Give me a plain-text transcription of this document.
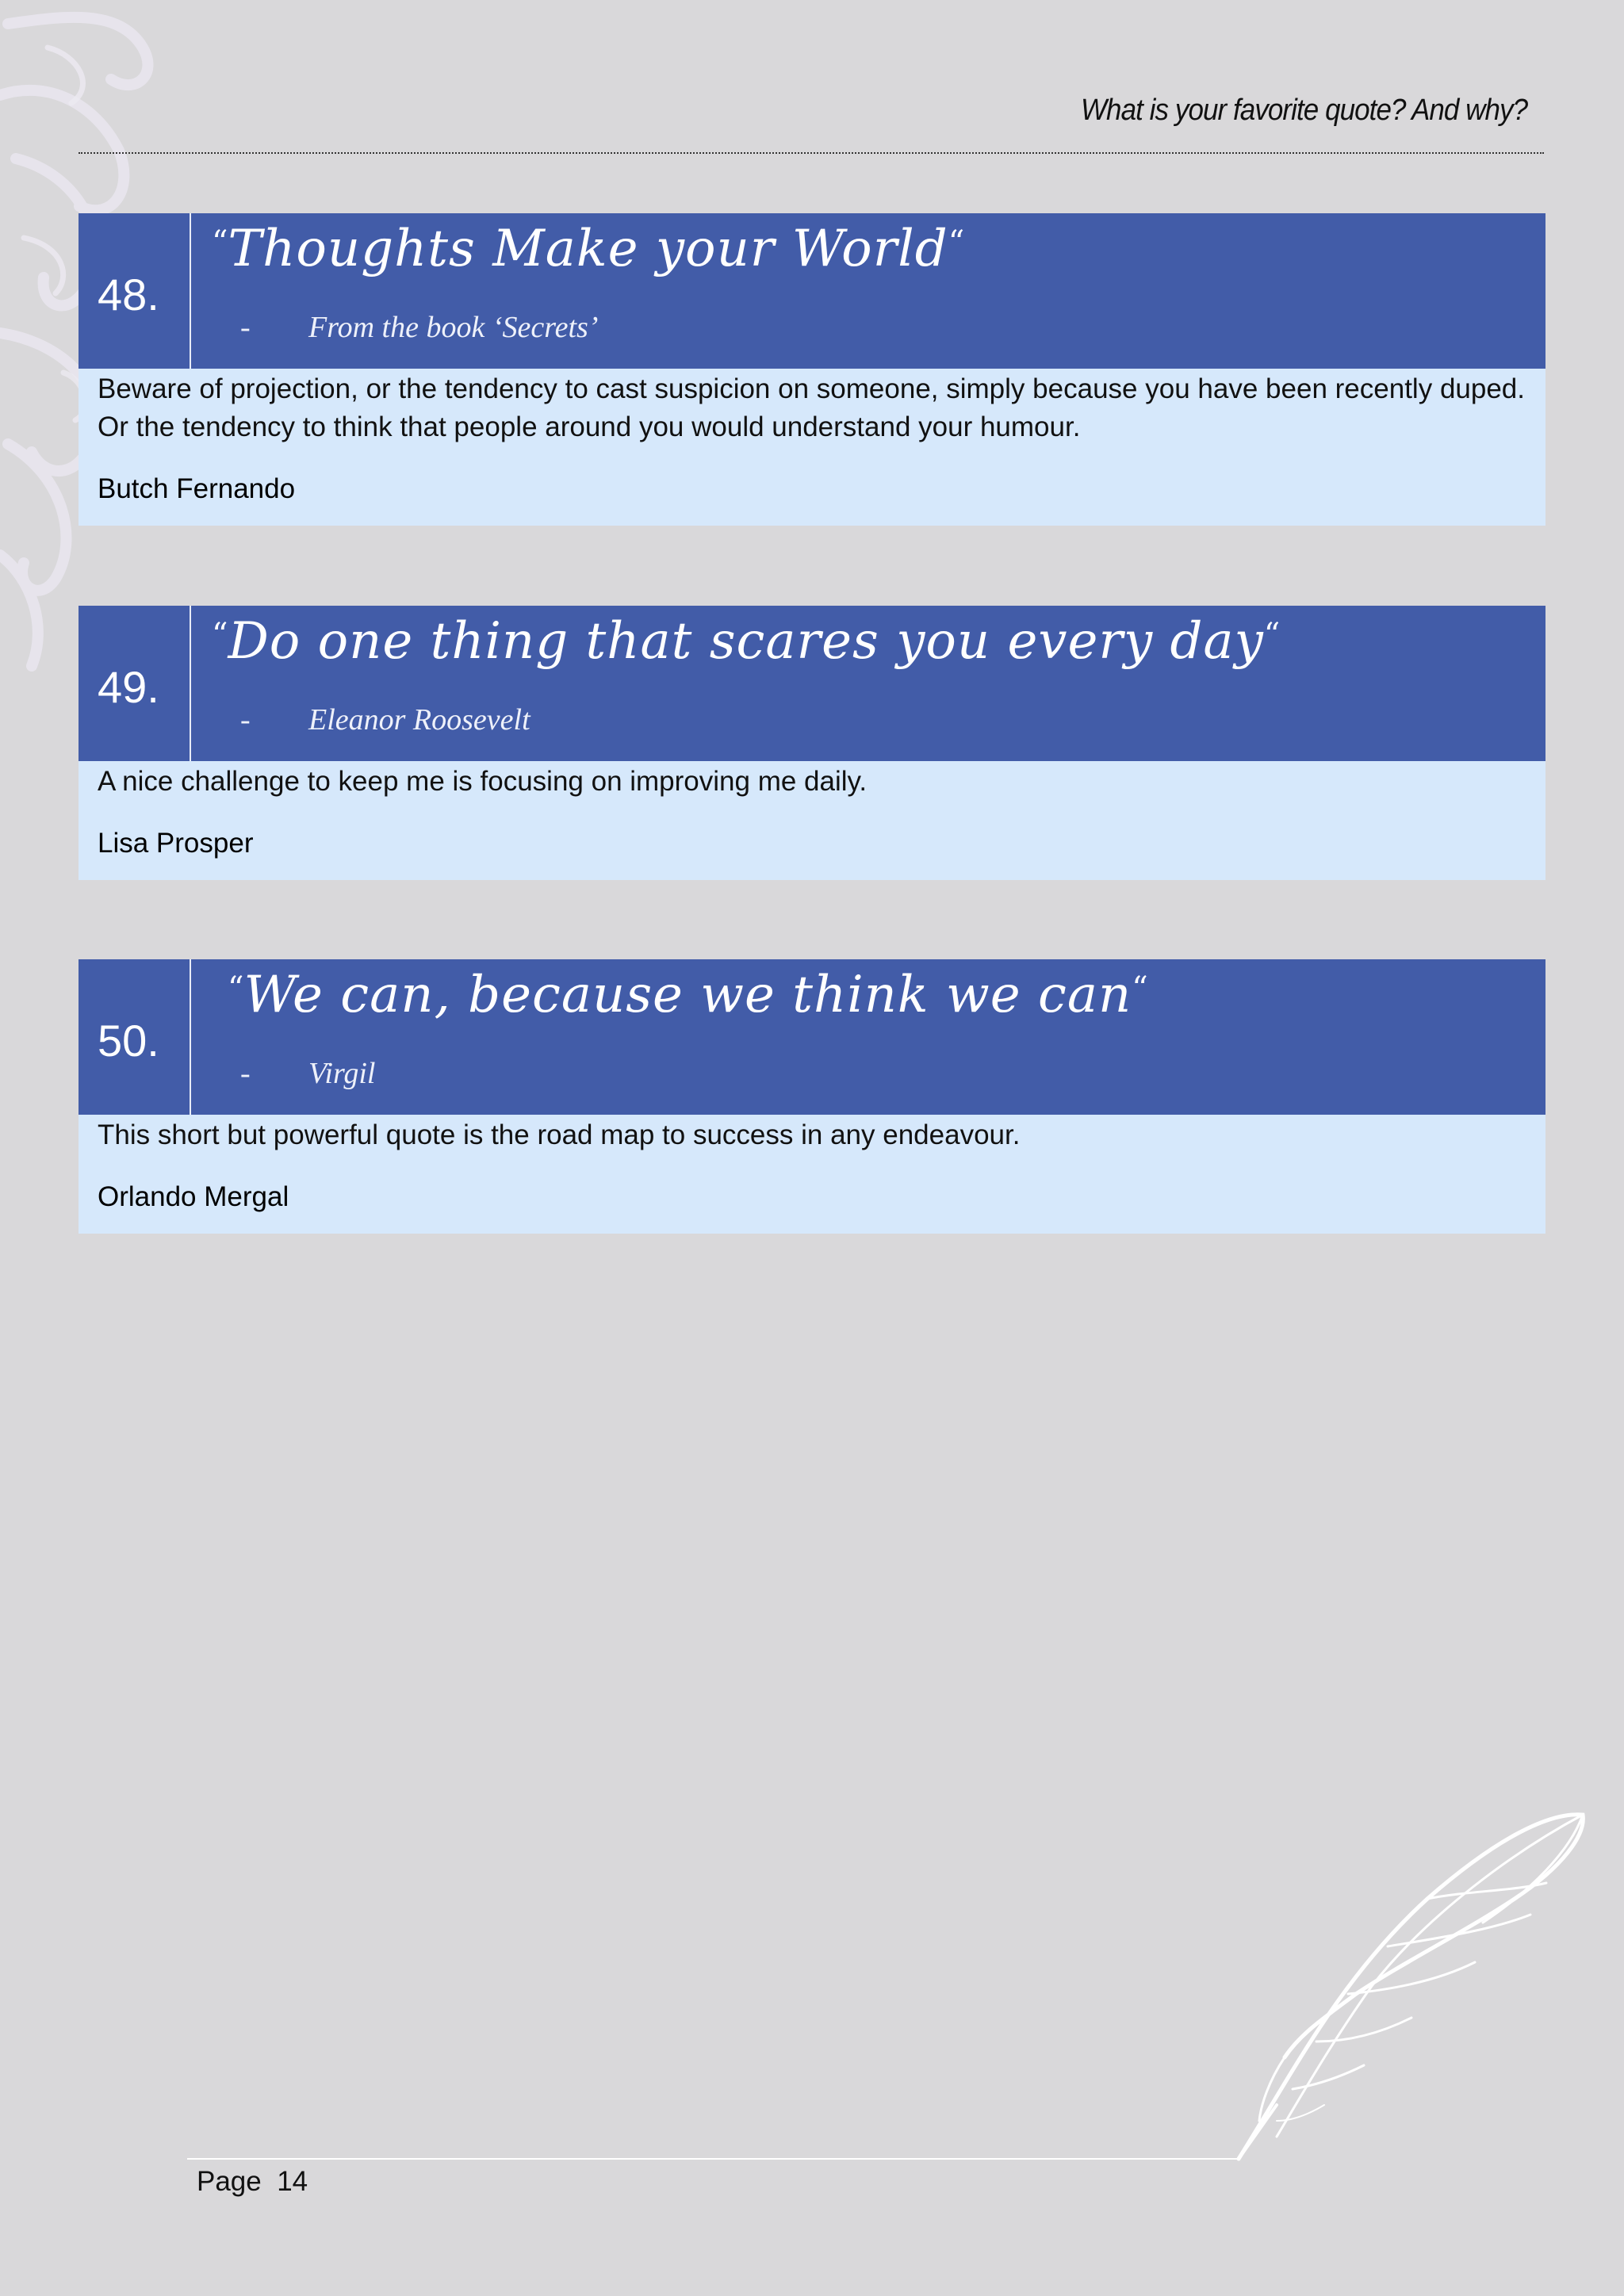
What is your favorite quote? And why?
48.
“Thoughts Make your World“
- From the book ‘Secrets’

Beware of projection, or the tendency to cast suspicion on someone, simply because you have been recently duped. Or the tendency to think that people around you would understand your humour.

Butch Fernando

49.
“Do one thing that scares you every day“
- Eleanor Roosevelt

A nice challenge to keep me is focusing on improving me daily.

Lisa Prosper

50.
“We can, because we think we can“
- Virgil

This short but powerful quote is the road map to success in any endeavour.

Orlando Mergal

Page  14
